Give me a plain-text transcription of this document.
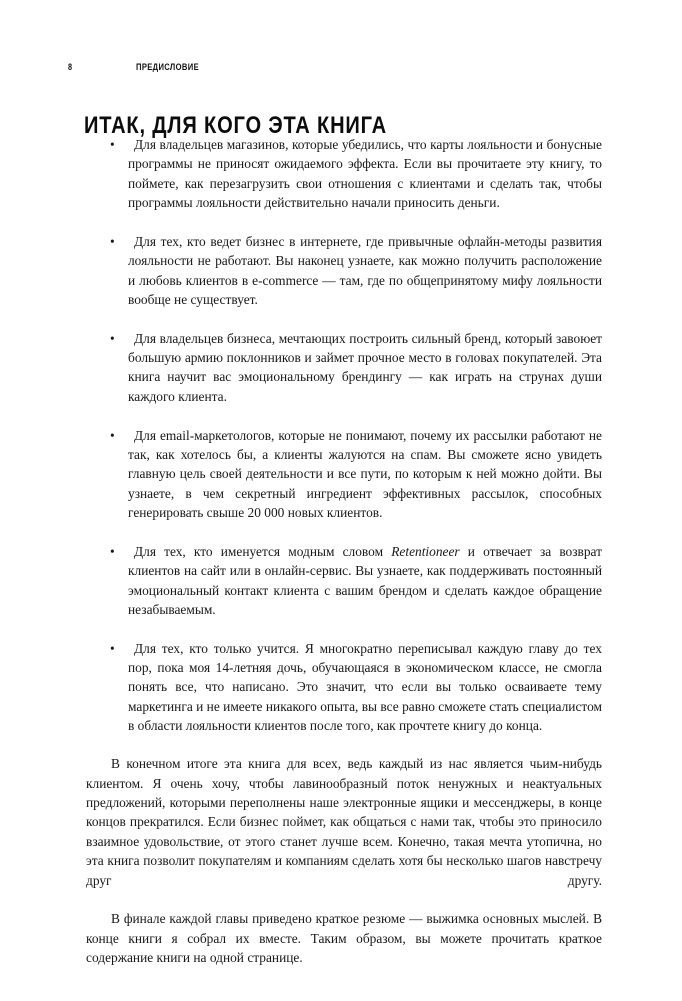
8	ПРЕДИСЛОВИЕ
ИТАК, ДЛЯ КОГО ЭТА КНИГА
•	Для владельцев магазинов, которые убедились, что карты лояльности и бонусные программы не приносят ожидаемого эффекта. Если вы прочитаете эту книгу, то поймете, как перезагрузить свои отношения с клиентами и сделать так, чтобы программы лояльности действительно начали приносить деньги.
•	Для тех, кто ведет бизнес в интернете, где привычные офлайн-методы развития лояльности не работают. Вы наконец узнаете, как можно получить расположение и любовь клиентов в e-commerce — там, где по общепринятому мифу лояльности вообще не существует.
•	Для владельцев бизнеса, мечтающих построить сильный бренд, который завоюет большую армию поклонников и займет прочное место в головах покупателей. Эта книга научит вас эмоциональному брендингу — как играть на струнах души каждого клиента.
•	Для email-маркетологов, которые не понимают, почему их рассылки работают не так, как хотелось бы, а клиенты жалуются на спам. Вы сможете ясно увидеть главную цель своей деятельности и все пути, по которым к ней можно дойти. Вы узнаете, в чем секретный ингредиент эффективных рассылок, способных генерировать свыше 20 000 новых клиентов.
•	Для тех, кто именуется модным словом Retentioneer и отвечает за возврат клиентов на сайт или в онлайн-сервис. Вы узнаете, как поддерживать постоянный эмоциональный контакт клиента с вашим брендом и сделать каждое обращение незабываемым.
•	Для тех, кто только учится. Я многократно переписывал каждую главу до тех пор, пока моя 14-летняя дочь, обучающаяся в экономическом классе, не смогла понять все, что написано. Это значит, что если вы только осваиваете тему маркетинга и не имеете никакого опыта, вы все равно сможете стать специалистом в области лояльности клиентов после того, как прочтете книгу до конца.

В конечном итоге эта книга для всех, ведь каждый из нас является чьим-нибудь клиентом. Я очень хочу, чтобы лавинообразный поток ненужных и неактуальных предложений, которыми переполнены наше электронные ящики и мессенджеры, в конце концов прекратился. Если бизнес поймет, как общаться с нами так, чтобы это приносило взаимное удовольствие, от этого станет лучше всем. Конечно, такая мечта утопична, но эта книга позволит покупателям и компаниям сделать хотя бы несколько шагов навстречу друг другу.

В финале каждой главы приведено краткое резюме — выжимка основных мыслей. В конце книги я собрал их вместе. Таким образом, вы можете прочитать краткое содержание книги на одной странице.
